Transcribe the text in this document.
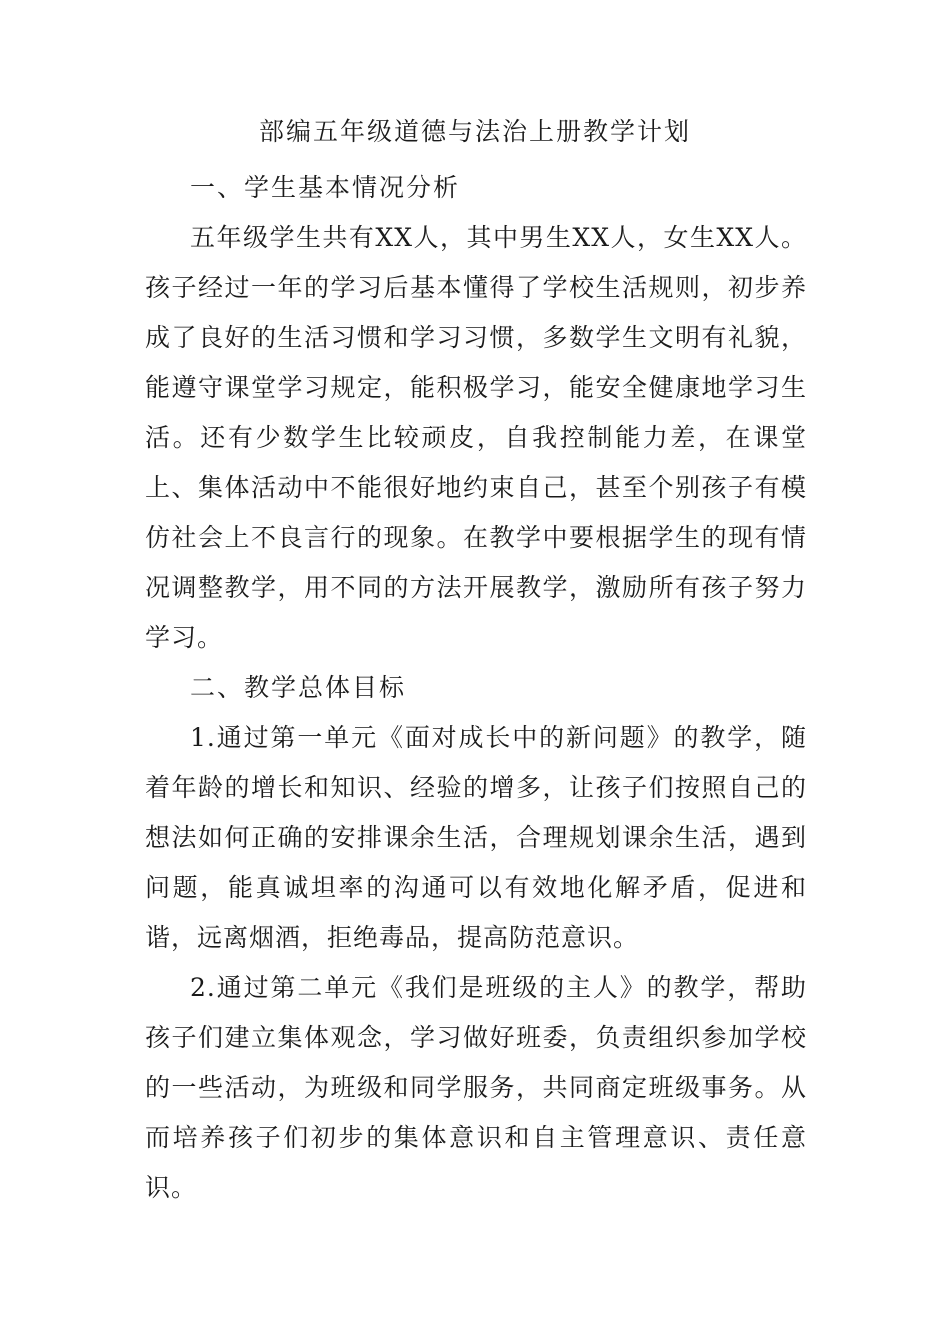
部编五年级道德与法治上册教学计划
一、学生基本情况分析

五年级学生共有XX人，其中男生XX人，女生XX人。孩子经过一年的学习后基本懂得了学校生活规则，初步养成了良好的生活习惯和学习习惯，多数学生文明有礼貌，能遵守课堂学习规定，能积极学习，能安全健康地学习生活。还有少数学生比较顽皮，自我控制能力差，在课堂上、集体活动中不能很好地约束自己，甚至个别孩子有模仿社会上不良言行的现象。在教学中要根据学生的现有情况调整教学，用不同的方法开展教学，激励所有孩子努力学习。

二、教学总体目标

1.通过第一单元《面对成长中的新问题》的教学，随着年龄的增长和知识、经验的增多，让孩子们按照自己的想法如何正确的安排课余生活，合理规划课余生活，遇到问题，能真诚坦率的沟通可以有效地化解矛盾，促进和谐，远离烟酒，拒绝毒品，提高防范意识。

2.通过第二单元《我们是班级的主人》的教学，帮助孩子们建立集体观念，学习做好班委，负责组织参加学校的一些活动，为班级和同学服务，共同商定班级事务。从而培养孩子们初步的集体意识和自主管理意识、责任意识。
